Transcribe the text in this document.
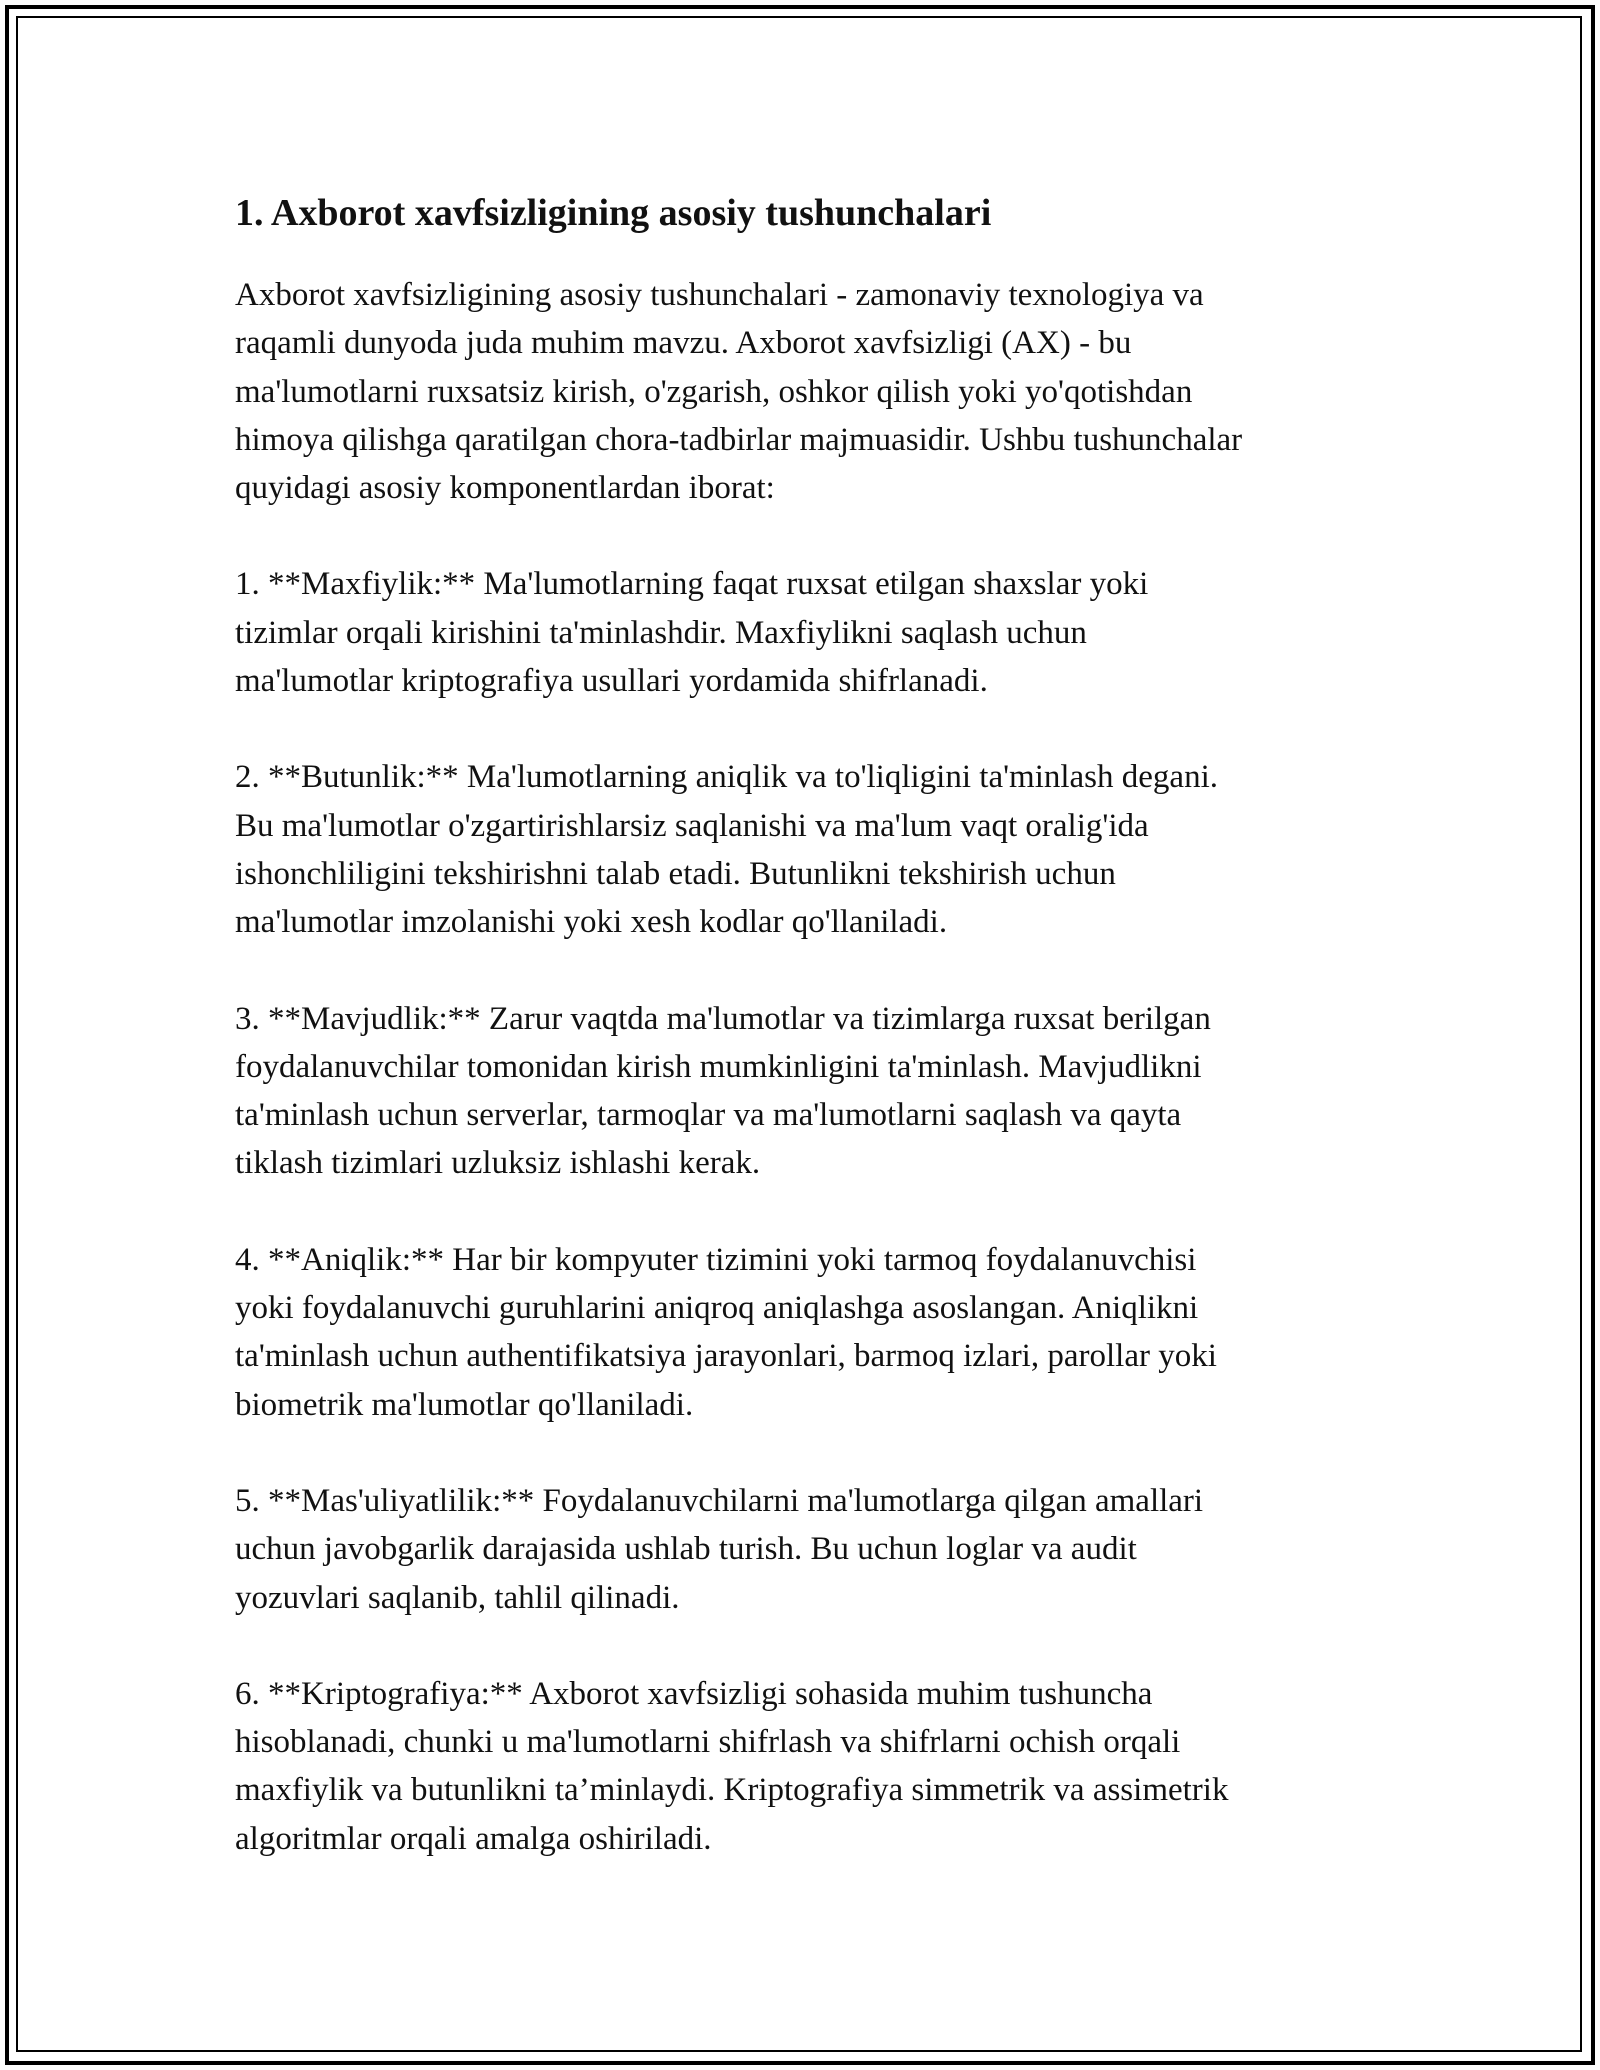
1. Axborot xavfsizligining asosiy tushunchalari

Axborot xavfsizligining asosiy tushunchalari - zamonaviy texnologiya va
raqamli dunyoda juda muhim mavzu. Axborot xavfsizligi (AX) - bu
ma'lumotlarni ruxsatsiz kirish, o'zgarish, oshkor qilish yoki yo'qotishdan
himoya qilishga qaratilgan chora-tadbirlar majmuasidir. Ushbu tushunchalar
quyidagi asosiy komponentlardan iborat:

1. **Maxfiylik:** Ma'lumotlarning faqat ruxsat etilgan shaxslar yoki
tizimlar orqali kirishini ta'minlashdir. Maxfiylikni saqlash uchun
ma'lumotlar kriptografiya usullari yordamida shifrlanadi.

2. **Butunlik:** Ma'lumotlarning aniqlik va to'liqligini ta'minlash degani.
Bu ma'lumotlar o'zgartirishlarsiz saqlanishi va ma'lum vaqt oralig'ida
ishonchliligini tekshirishni talab etadi. Butunlikni tekshirish uchun
ma'lumotlar imzolanishi yoki xesh kodlar qo'llaniladi.

3. **Mavjudlik:** Zarur vaqtda ma'lumotlar va tizimlarga ruxsat berilgan
foydalanuvchilar tomonidan kirish mumkinligini ta'minlash. Mavjudlikni
ta'minlash uchun serverlar, tarmoqlar va ma'lumotlarni saqlash va qayta
tiklash tizimlari uzluksiz ishlashi kerak.

4. **Aniqlik:** Har bir kompyuter tizimini yoki tarmoq foydalanuvchisi
yoki foydalanuvchi guruhlarini aniqroq aniqlashga asoslangan. Aniqlikni
ta'minlash uchun authentifikatsiya jarayonlari, barmoq izlari, parollar yoki
biometrik ma'lumotlar qo'llaniladi.

5. **Mas'uliyatlilik:** Foydalanuvchilarni ma'lumotlarga qilgan amallari
uchun javobgarlik darajasida ushlab turish. Bu uchun loglar va audit
yozuvlari saqlanib, tahlil qilinadi.

6. **Kriptografiya:** Axborot xavfsizligi sohasida muhim tushuncha
hisoblanadi, chunki u ma'lumotlarni shifrlash va shifrlarni ochish orqali
maxfiylik va butunlikni ta’minlaydi. Kriptografiya simmetrik va assimetrik
algoritmlar orqali amalga oshiriladi.
